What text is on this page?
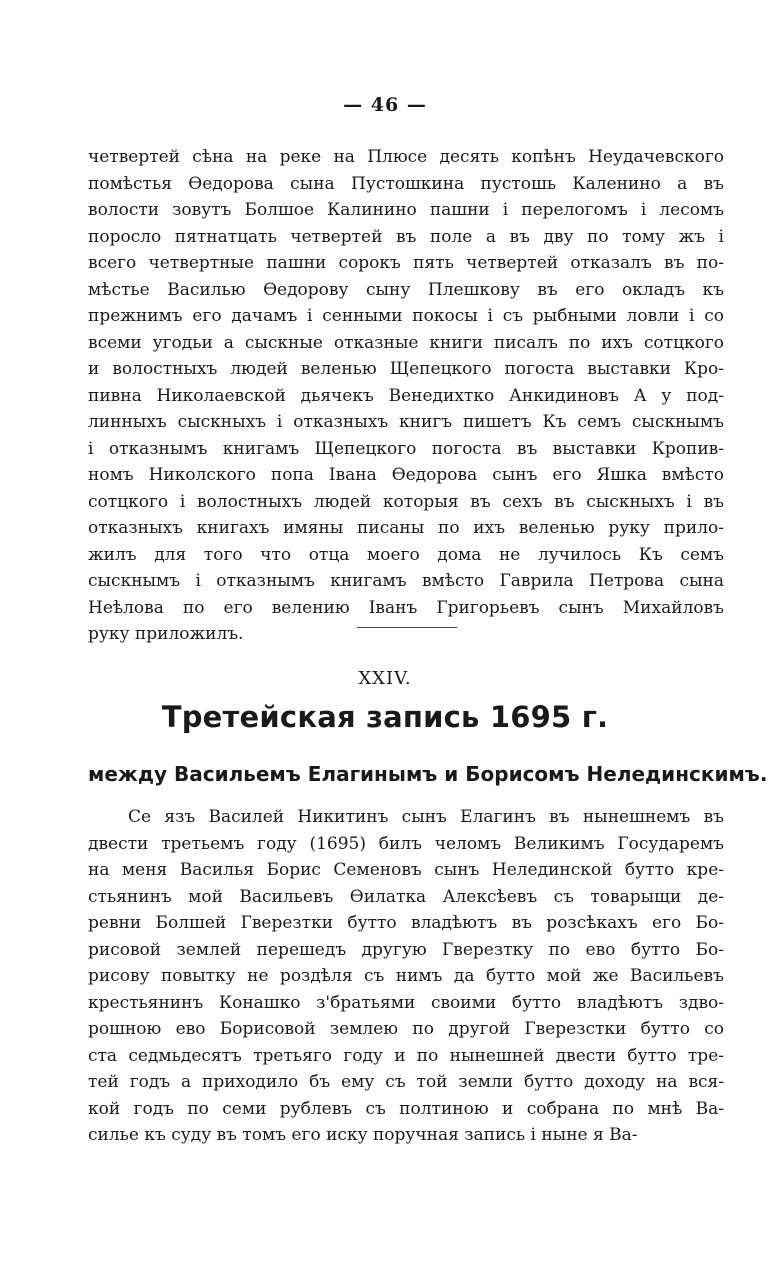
— 46 —
четвертей сѣна на реке на Плюсе десять копѣнъ Неудачевского
помѣстья Ѳедорова сына Пустошкина пустошь Каленино а въ
волости зовутъ Болшое Калинино пашни і перелогомъ і лесомъ
поросло пятнатцать четвертей въ поле а въ дву по тому жъ і
всего четвертные пашни сорокъ пять четвертей отказалъ въ по-
мѣстье Василью Ѳедорову сыну Плешкову въ его окладъ къ
прежнимъ его дачамъ і сенными покосы і съ рыбными ловли і со
всеми угодьи а сыскные отказные книги писалъ по ихъ сотцкого
и волостныхъ людей веленью Щепецкого погоста выставки Кро-
пивна Николаевской дьячекъ Венедихтко Анкидиновъ А у под-
линныхъ сыскныхъ і отказныхъ книгъ пишетъ Къ семъ сыскнымъ
і отказнымъ книгамъ Щепецкого погоста въ выставки Кропив-
номъ Николского попа Івана Ѳедорова сынъ его Яшка вмѣсто
сотцкого і волостныхъ людей которыя въ сехъ въ сыскныхъ і въ
отказныхъ книгахъ имяны писаны по ихъ веленью руку прило-
жилъ для того что отца моего дома не лучилось Къ семъ
сыскнымъ і отказнымъ книгамъ вмѣсто Гаврила Петрова сына
Неѣлова по его велению Іванъ Григорьевъ сынъ Михайловъ
руку приложилъ.
XXIV.
Третейская запись 1695 г.
между Васильемъ Елагинымъ и Борисомъ Нелединскимъ.
Се язъ Василей Никитинъ сынъ Елагинъ въ нынешнемъ въ
двести третьемъ году (1695) билъ челомъ Великимъ Государемъ
на меня Василья Борис Семеновъ сынъ Нелединской бутто кре-
стьянинъ мой Васильевъ Ѳилатка Алексѣевъ съ товарыщи де-
ревни Болшей Гверезтки бутто владѣютъ въ розсѣкахъ его Бо-
рисовой землей перешедъ другую Гверезтку по ево бутто Бо-
рисову повытку не роздѣля съ нимъ да бутто мой же Васильевъ
крестьянинъ Конашко з'братьями своими бутто владѣютъ здво-
рошною ево Борисовой землею по другой Гверезстки бутто со
ста седмьдесятъ третьяго году и по нынешней двести бутто тре-
тей годъ а приходило бъ ему съ той земли бутто доходу на вся-
кой годъ по семи рублевъ съ полтиною и собрана по мнѣ Ва-
силье къ суду въ томъ его иску поручная запись і ныне я Ва-
